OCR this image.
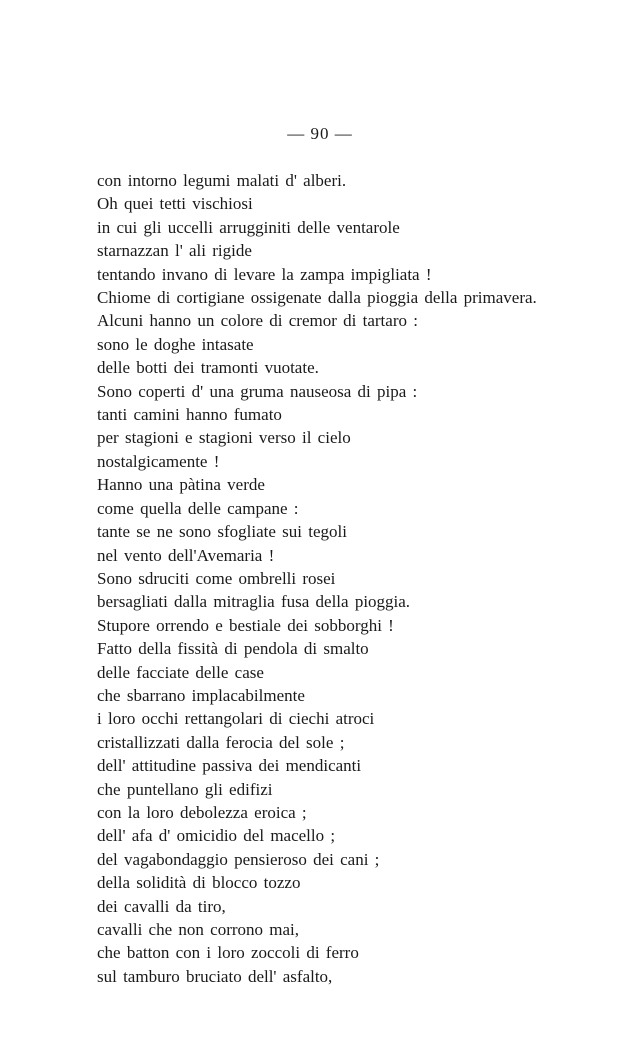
— 90 —
con intorno legumi malati d' alberi.
Oh quei tetti vischiosi
in cui gli uccelli arrugginiti delle ventarole
starnazzan l' ali rigide
tentando invano di levare la zampa impigliata !
Chiome di cortigiane ossigenate dalla pioggia della primavera.
Alcuni hanno un colore di cremor di tartaro :
sono le doghe intasate
delle botti dei tramonti vuotate.
Sono coperti d' una gruma nauseosa di pipa :
tanti camini hanno fumato
per stagioni e stagioni verso il cielo
nostalgicamente !
Hanno una pàtina verde
come quella delle campane :
tante se ne sono sfogliate sui tegoli
nel vento dell'Avemaria !
Sono sdruciti come ombrelli rosei
bersagliati dalla mitraglia fusa della pioggia.
Stupore orrendo e bestiale dei sobborghi !
Fatto della fissità di pendola di smalto
delle facciate delle case
che sbarrano implacabilmente
i loro occhi rettangolari di ciechi atroci
cristallizzati dalla ferocia del sole ;
dell' attitudine passiva dei mendicanti
che puntellano gli edifizi
con la loro debolezza eroica ;
dell' afa d' omicidio del macello ;
del vagabondaggio pensieroso dei cani ;
della solidità di blocco tozzo
dei cavalli da tiro,
cavalli che non corrono mai,
che batton con i loro zoccoli di ferro
sul tamburo bruciato dell' asfalto,
